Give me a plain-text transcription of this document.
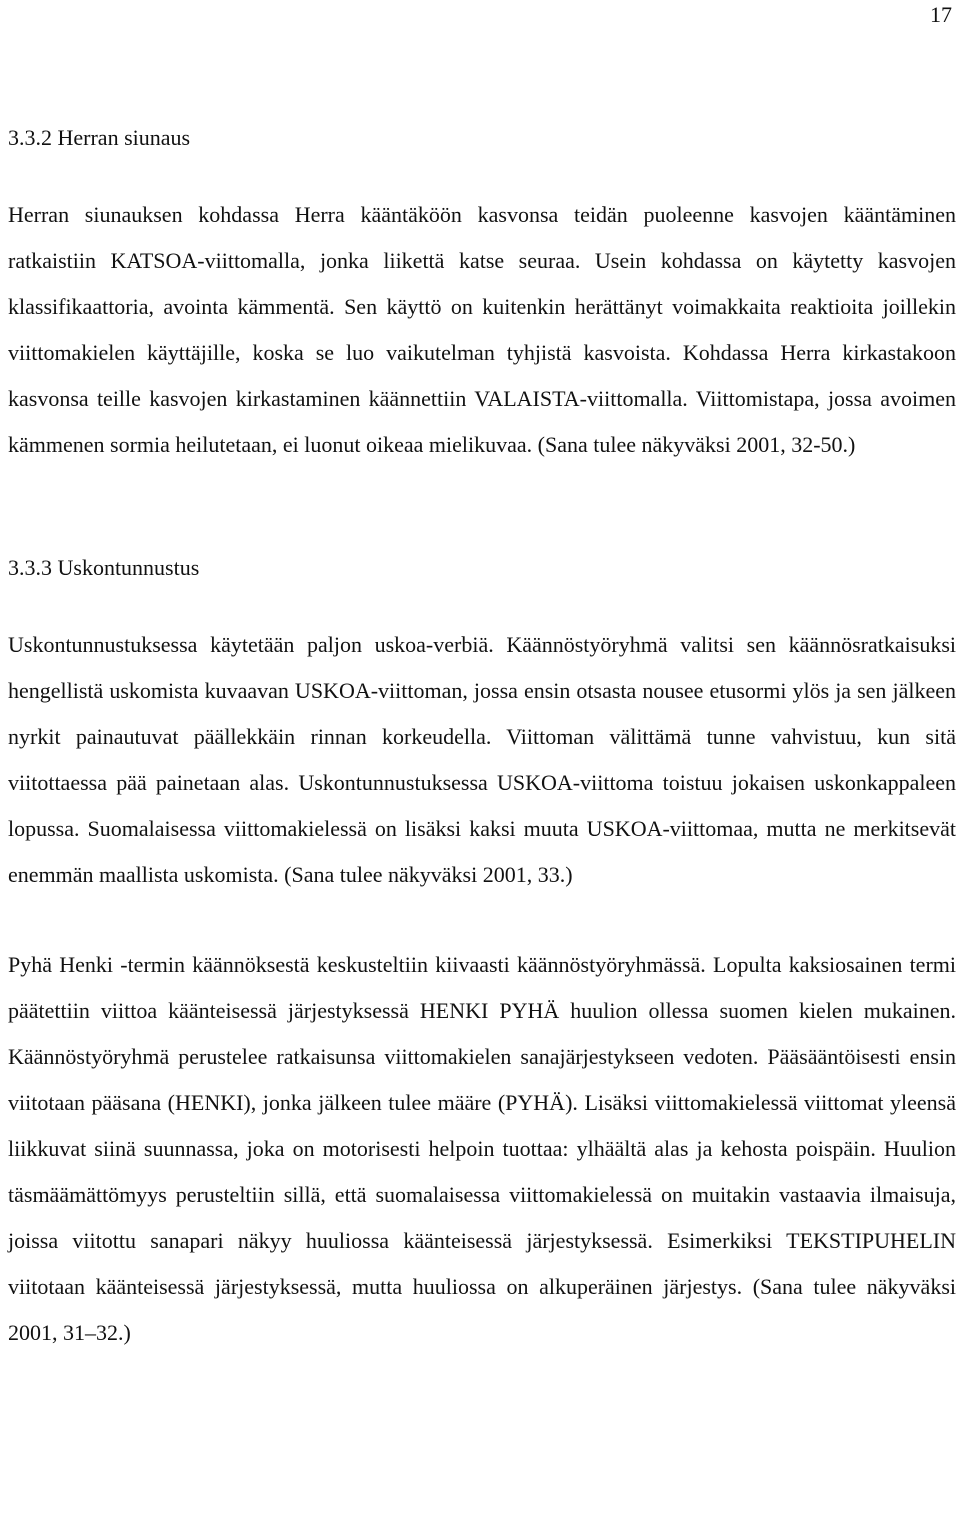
17
3.3.2 Herran siunaus

Herran siunauksen kohdassa Herra kääntäköön kasvonsa teidän puoleenne kasvojen kääntäminen ratkaistiin KATSOA-viittomalla, jonka liikettä katse seuraa. Usein kohdassa on käytetty kasvojen klassifikaattoria, avointa kämmentä. Sen käyttö on kuitenkin herättänyt voimakkaita reaktioita joillekin viittomakielen käyttäjille, koska se luo vaikutelman tyhjistä kasvoista. Kohdassa Herra kirkastakoon kasvonsa teille kasvojen kirkastaminen käännettiin VALAISTA-viittomalla. Viittomistapa, jossa avoimen kämmenen sormia heilutetaan, ei luonut oikeaa mielikuvaa. (Sana tulee näkyväksi 2001, 32-50.)

3.3.3 Uskontunnustus

Uskontunnustuksessa käytetään paljon uskoa-verbiä. Käännöstyöryhmä valitsi sen käännösratkaisuksi hengellistä uskomista kuvaavan USKOA-viittoman, jossa ensin otsasta nousee etusormi ylös ja sen jälkeen nyrkit painautuvat päällekkäin rinnan korkeudella. Viittoman välittämä tunne vahvistuu, kun sitä viitottaessa pää painetaan alas. Uskontunnustuksessa USKOA-viittoma toistuu jokaisen uskonkappaleen lopussa. Suomalaisessa viittomakielessä on lisäksi kaksi muuta USKOA-viittomaa, mutta ne merkitsevät enemmän maallista uskomista. (Sana tulee näkyväksi 2001, 33.)

Pyhä Henki -termin käännöksestä keskusteltiin kiivaasti käännöstyöryhmässä. Lopulta kaksiosainen termi päätettiin viittoa käänteisessä järjestyksessä HENKI PYHÄ huulion ollessa suomen kielen mukainen. Käännöstyöryhmä perustelee ratkaisunsa viittomakielen sanajärjestykseen vedoten. Pääsääntöisesti ensin viitotaan pääsana (HENKI), jonka jälkeen tulee määre (PYHÄ). Lisäksi viittomakielessä viittomat yleensä liikkuvat siinä suunnassa, joka on motorisesti helpoin tuottaa: ylhäältä alas ja kehosta poispäin. Huulion täsmäämättömyys perusteltiin sillä, että suomalaisessa viittomakielessä on muitakin vastaavia ilmaisuja, joissa viitottu sanapari näkyy huuliossa käänteisessä järjestyksessä. Esimerkiksi TEKSTIPUHELIN viitotaan käänteisessä järjestyksessä, mutta huuliossa on alkuperäinen järjestys. (Sana tulee näkyväksi 2001, 31–32.)
